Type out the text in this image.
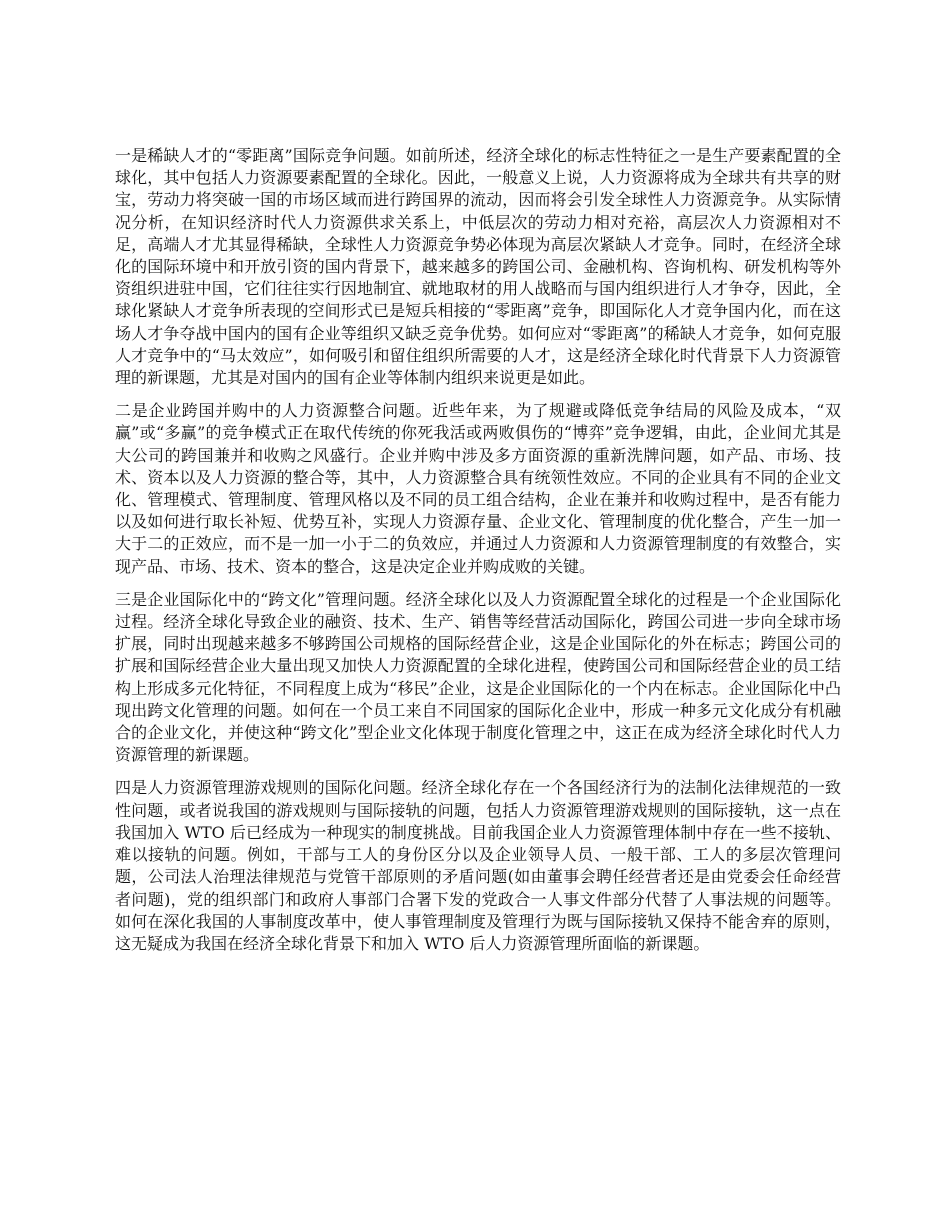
一是稀缺人才的“零距离”国际竞争问题。如前所述，经济全球化的标志性特征之一是生产要素配置的全球化，其中包括人力资源要素配置的全球化。因此，一般意义上说，人力资源将成为全球共有共享的财宝，劳动力将突破一国的市场区域而进行跨国界的流动，因而将会引发全球性人力资源竞争。从实际情况分析，在知识经济时代人力资源供求关系上，中低层次的劳动力相对充裕，高层次人力资源相对不足，高端人才尤其显得稀缺，全球性人力资源竞争势必体现为高层次紧缺人才竞争。同时，在经济全球化的国际环境中和开放引资的国内背景下，越来越多的跨国公司、金融机构、咨询机构、研发机构等外资组织进驻中国，它们往往实行因地制宜、就地取材的用人战略而与国内组织进行人才争夺，因此，全球化紧缺人才竞争所表现的空间形式已是短兵相接的“零距离”竞争，即国际化人才竞争国内化，而在这场人才争夺战中国内的国有企业等组织又缺乏竞争优势。如何应对“零距离”的稀缺人才竞争，如何克服人才竞争中的“马太效应”，如何吸引和留住组织所需要的人才，这是经济全球化时代背景下人力资源管理的新课题，尤其是对国内的国有企业等体制内组织来说更是如此。

二是企业跨国并购中的人力资源整合问题。近些年来，为了规避或降低竞争结局的风险及成本，“双赢”或“多赢”的竞争模式正在取代传统的你死我活或两败俱伤的“博弈”竞争逻辑，由此，企业间尤其是大公司的跨国兼并和收购之风盛行。企业并购中涉及多方面资源的重新洗牌问题，如产品、市场、技术、资本以及人力资源的整合等，其中，人力资源整合具有统领性效应。不同的企业具有不同的企业文化、管理模式、管理制度、管理风格以及不同的员工组合结构，企业在兼并和收购过程中，是否有能力以及如何进行取长补短、优势互补，实现人力资源存量、企业文化、管理制度的优化整合，产生一加一大于二的正效应，而不是一加一小于二的负效应，并通过人力资源和人力资源管理制度的有效整合，实现产品、市场、技术、资本的整合，这是决定企业并购成败的关键。

三是企业国际化中的“跨文化”管理问题。经济全球化以及人力资源配置全球化的过程是一个企业国际化过程。经济全球化导致企业的融资、技术、生产、销售等经营活动国际化，跨国公司进一步向全球市场扩展，同时出现越来越多不够跨国公司规格的国际经营企业，这是企业国际化的外在标志；跨国公司的扩展和国际经营企业大量出现又加快人力资源配置的全球化进程，使跨国公司和国际经营企业的员工结构上形成多元化特征，不同程度上成为“移民”企业，这是企业国际化的一个内在标志。企业国际化中凸现出跨文化管理的问题。如何在一个员工来自不同国家的国际化企业中，形成一种多元文化成分有机融合的企业文化，并使这种“跨文化”型企业文化体现于制度化管理之中，这正在成为经济全球化时代人力资源管理的新课题。

四是人力资源管理游戏规则的国际化问题。经济全球化存在一个各国经济行为的法制化法律规范的一致性问题，或者说我国的游戏规则与国际接轨的问题，包括人力资源管理游戏规则的国际接轨，这一点在我国加入 WTO 后已经成为一种现实的制度挑战。目前我国企业人力资源管理体制中存在一些不接轨、难以接轨的问题。例如，干部与工人的身份区分以及企业领导人员、一般干部、工人的多层次管理问题，公司法人治理法律规范与党管干部原则的矛盾问题(如由董事会聘任经营者还是由党委会任命经营者问题)，党的组织部门和政府人事部门合署下发的党政合一人事文件部分代替了人事法规的问题等。如何在深化我国的人事制度改革中，使人事管理制度及管理行为既与国际接轨又保持不能舍弃的原则，这无疑成为我国在经济全球化背景下和加入 WTO 后人力资源管理所面临的新课题。
